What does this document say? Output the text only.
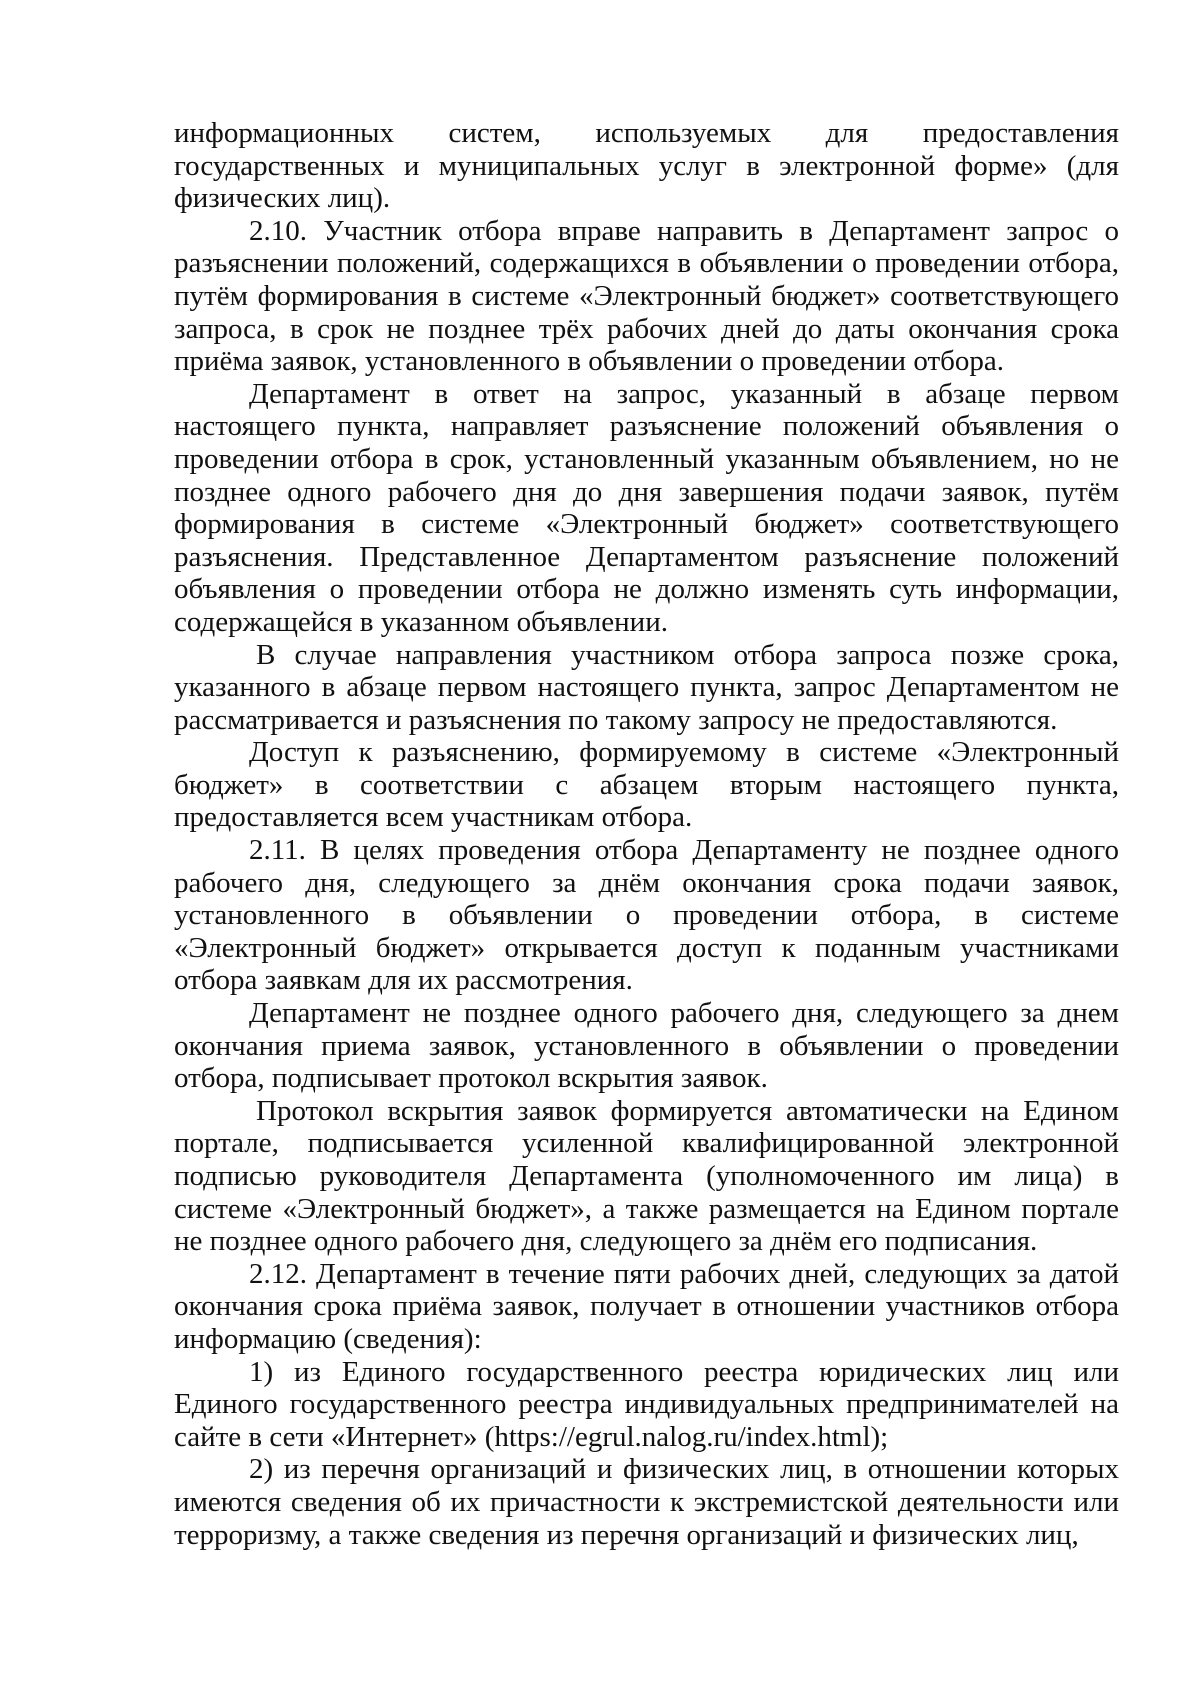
информационных систем, используемых для предоставления государственных и муниципальных услуг в электронной форме» (для физических лиц).

2.10. Участник отбора вправе направить в Департамент запрос о разъяснении положений, содержащихся в объявлении о проведении отбора, путём формирования в системе «Электронный бюджет» соответствующего запроса, в срок не позднее трёх рабочих дней до даты окончания срока приёма заявок, установленного в объявлении о проведении отбора.

Департамент в ответ на запрос, указанный в абзаце первом настоящего пункта, направляет разъяснение положений объявления о проведении отбора в срок, установленный указанным объявлением, но не позднее одного рабочего дня до дня завершения подачи заявок, путём формирования в системе «Электронный бюджет» соответствующего разъяснения. Представленное Департаментом разъяснение положений объявления о проведении отбора не должно изменять суть информации, содержащейся в указанном объявлении.

В случае направления участником отбора запроса позже срока, указанного в абзаце первом настоящего пункта, запрос Департаментом не рассматривается и разъяснения по такому запросу не предоставляются.

Доступ к разъяснению, формируемому в системе «Электронный бюджет» в соответствии с абзацем вторым настоящего пункта, предоставляется всем участникам отбора.

2.11. В целях проведения отбора Департаменту не позднее одного рабочего дня, следующего за днём окончания срока подачи заявок, установленного в объявлении о проведении отбора, в системе «Электронный бюджет» открывается доступ к поданным участниками отбора заявкам для их рассмотрения.

Департамент не позднее одного рабочего дня, следующего за днем окончания приема заявок, установленного в объявлении о проведении отбора, подписывает протокол вскрытия заявок.

Протокол вскрытия заявок формируется автоматически на Едином портале, подписывается усиленной квалифицированной электронной подписью руководителя Департамента (уполномоченного им лица) в системе «Электронный бюджет», а также размещается на Едином портале не позднее одного рабочего дня, следующего за днём его подписания.

2.12. Департамент в течение пяти рабочих дней, следующих за датой окончания срока приёма заявок, получает в отношении участников отбора информацию (сведения):

1) из Единого государственного реестра юридических лиц или Единого государственного реестра индивидуальных предпринимателей на сайте в сети «Интернет» (https://egrul.nalog.ru/index.html);

2) из перечня организаций и физических лиц, в отношении которых имеются сведения об их причастности к экстремистской деятельности или терроризму, а также сведения из перечня организаций и физических лиц,
